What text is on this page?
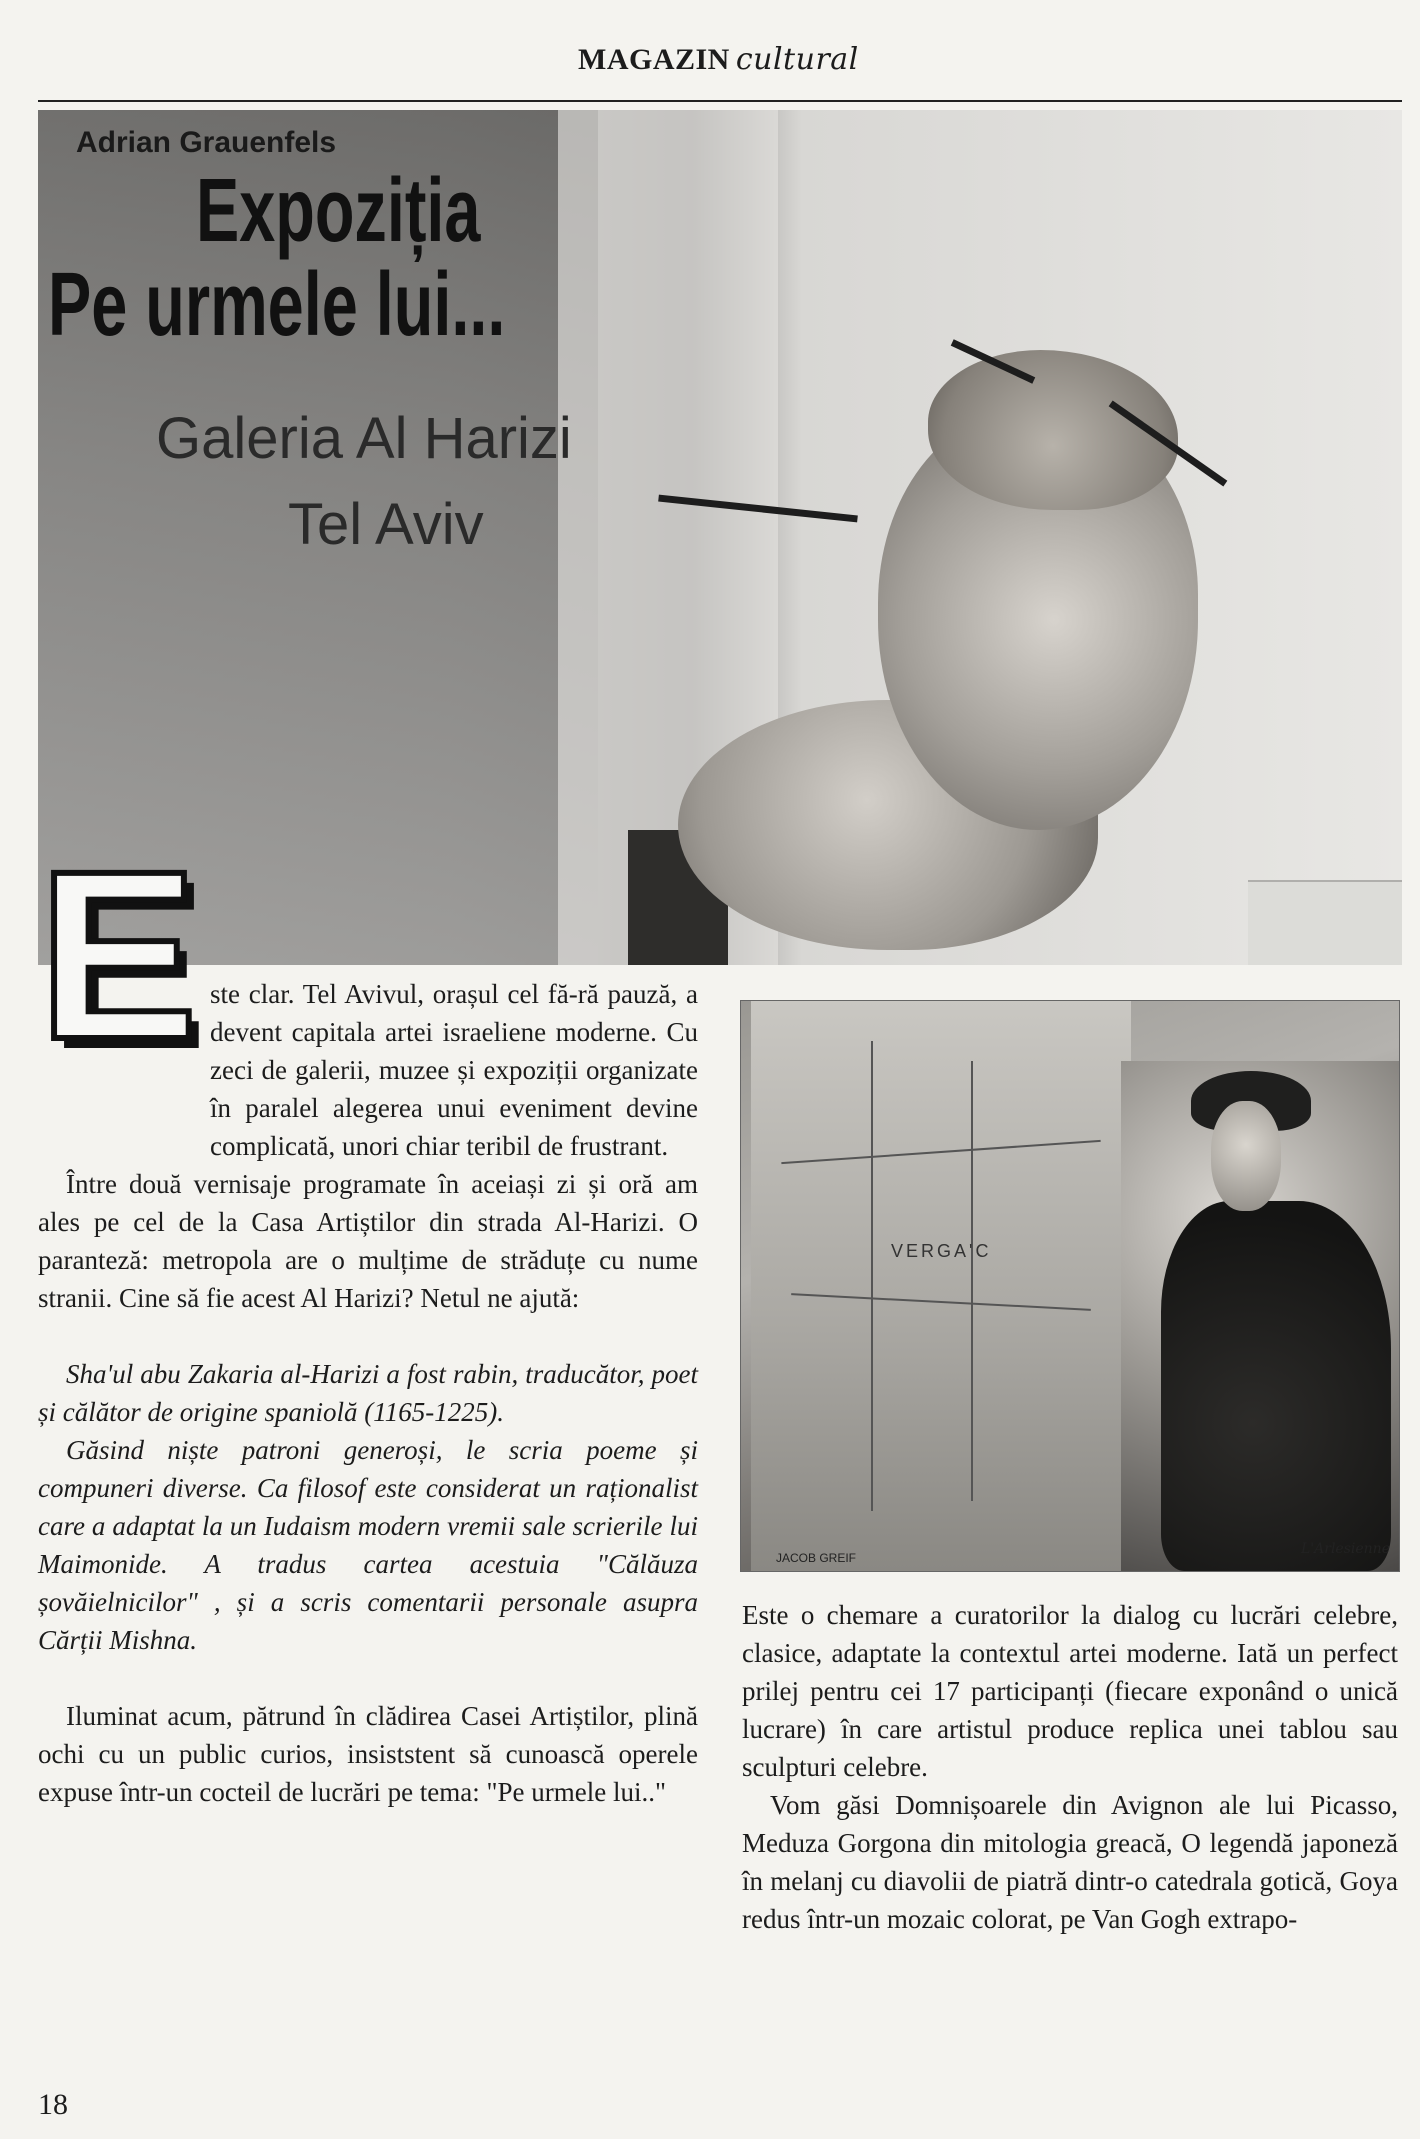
MAGAZIN cultural
Adrian Grauenfels
Expoziția
Pe urmele lui...
Galeria Al Harizi
Tel Aviv
E ste clar. Tel Avivul, orașul cel fă-ră pauză, a devent capitala artei israeliene moderne. Cu zeci de galerii, muzee și expoziții organizate în paralel alegerea unui eveniment devine complicată, unori chiar teribil de frustrant.

Între două vernisaje programate în aceiași zi și oră am ales pe cel de la Casa Artiștilor din strada Al-Harizi. O paranteză: metropola are o mulțime de străduțe cu nume stranii. Cine să fie acest Al Harizi? Netul ne ajută:

Sha'ul abu Zakaria al-Harizi a fost rabin, traducător, poet și călător de origine spaniolă (1165-1225).

Găsind niște patroni generoși, le scria poeme și compuneri diverse. Ca filosof este considerat un raționalist care a adaptat la un Iudaism modern vremii sale scrierile lui Maimonide. A tradus cartea acestuia "Călăuza șovăielnicilor" , și a scris comentarii personale asupra Cărții Mishna.

Iluminat acum, pătrund în clădirea Casei Artiștilor, plină ochi cu un public curios, insiststent să cunoască operele expuse într-un cocteil de lucrări pe tema: "Pe urmele lui.."

VERGA'C
JACOB GREIF
L'Arlesienne

Este o chemare a curatorilor la dialog cu lucrări celebre, clasice, adaptate la contextul artei moderne. Iată un perfect prilej pentru cei 17 participanți (fiecare exponând o unică lucrare) în care artistul produce replica unei tablou sau sculpturi celebre.

Vom găsi Domnișoarele din Avignon ale lui Picasso, Meduza Gorgona din mitologia greacă, O legendă japoneză în melanj cu diavolii de piatră dintr-o catedrala gotică, Goya redus într-un mozaic colorat, pe Van Gogh extrapo-

18
